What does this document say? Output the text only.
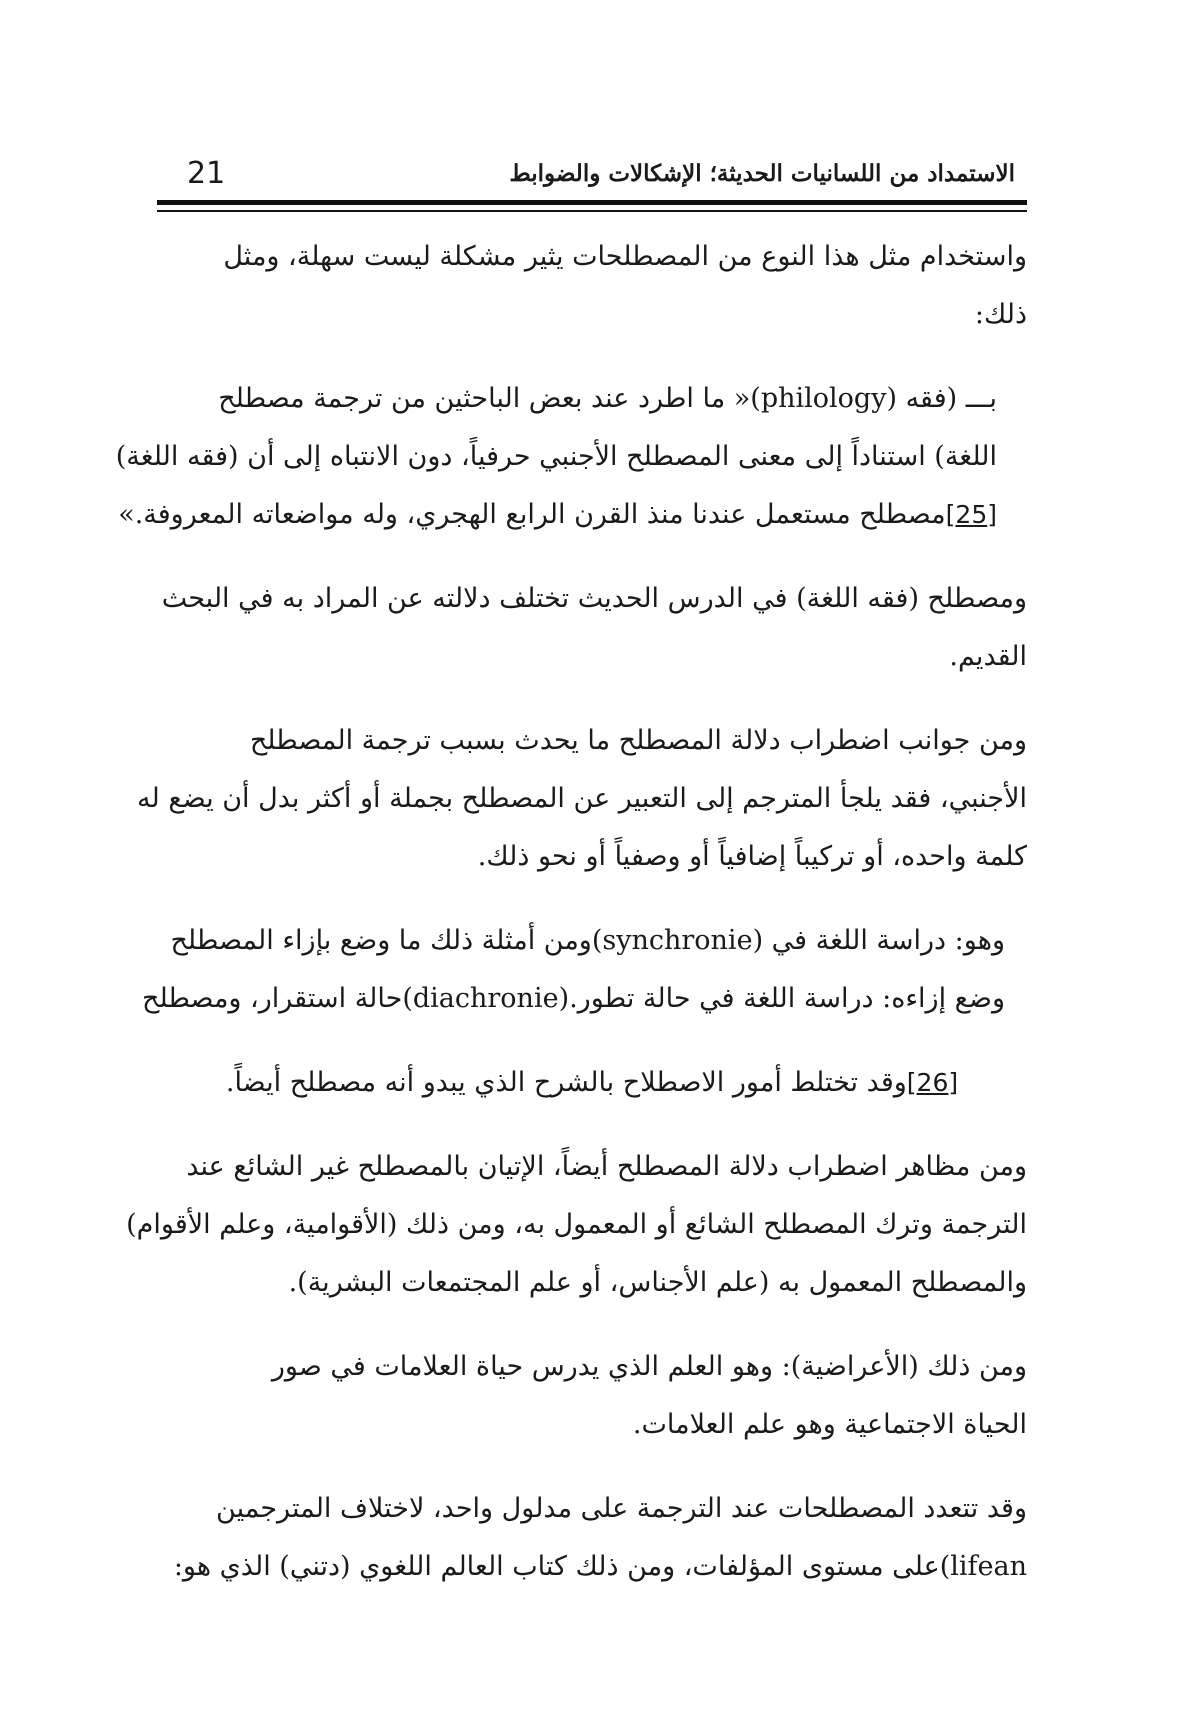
21	الاستمداد من اللسانيات الحديثة؛ الإشكالات والضوابط

واستخدام مثل هذا النوع من المصطلحات يثير مشكلة ليست سهلة، ومثل
ذلك:

بـــ (فقه (philology)« ما اطرد عند بعض الباحثين من ترجمة مصطلح
اللغة) استناداً إلى معنى المصطلح الأجنبي حرفياً، دون الانتباه إلى أن (فقه اللغة)
[25]مصطلح مستعمل عندنا منذ القرن الرابع الهجري، وله مواضعاته المعروفة.»

ومصطلح (فقه اللغة) في الدرس الحديث تختلف دلالته عن المراد به في البحث
القديم.

ومن جوانب اضطراب دلالة المصطلح ما يحدث بسبب ترجمة المصطلح
الأجنبي، فقد يلجأ المترجم إلى التعبير عن المصطلح بجملة أو أكثر بدل أن يضع له
كلمة واحده، أو تركيباً إضافياً أو وصفياً أو نحو ذلك.

وهو: دراسة اللغة في (synchronie)ومن أمثلة ذلك ما وضع بإزاء المصطلح
وضع إزاءه: دراسة اللغة في حالة تطور.(diachronie)حالة استقرار، ومصطلح

[26]وقد تختلط أمور الاصطلاح بالشرح الذي يبدو أنه مصطلح أيضاً.

ومن مظاهر اضطراب دلالة المصطلح أيضاً، الإتيان بالمصطلح غير الشائع عند
الترجمة وترك المصطلح الشائع أو المعمول به، ومن ذلك (الأقوامية، وعلم الأقوام)
والمصطلح المعمول به (علم الأجناس، أو علم المجتمعات البشرية).

ومن ذلك (الأعراضية): وهو العلم الذي يدرس حياة العلامات في صور
الحياة الاجتماعية وهو علم العلامات.

وقد تتعدد المصطلحات عند الترجمة على مدلول واحد، لاختلاف المترجمين
lifean)على مستوى المؤلفات، ومن ذلك كتاب العالم اللغوي (دتني) الذي هو:
